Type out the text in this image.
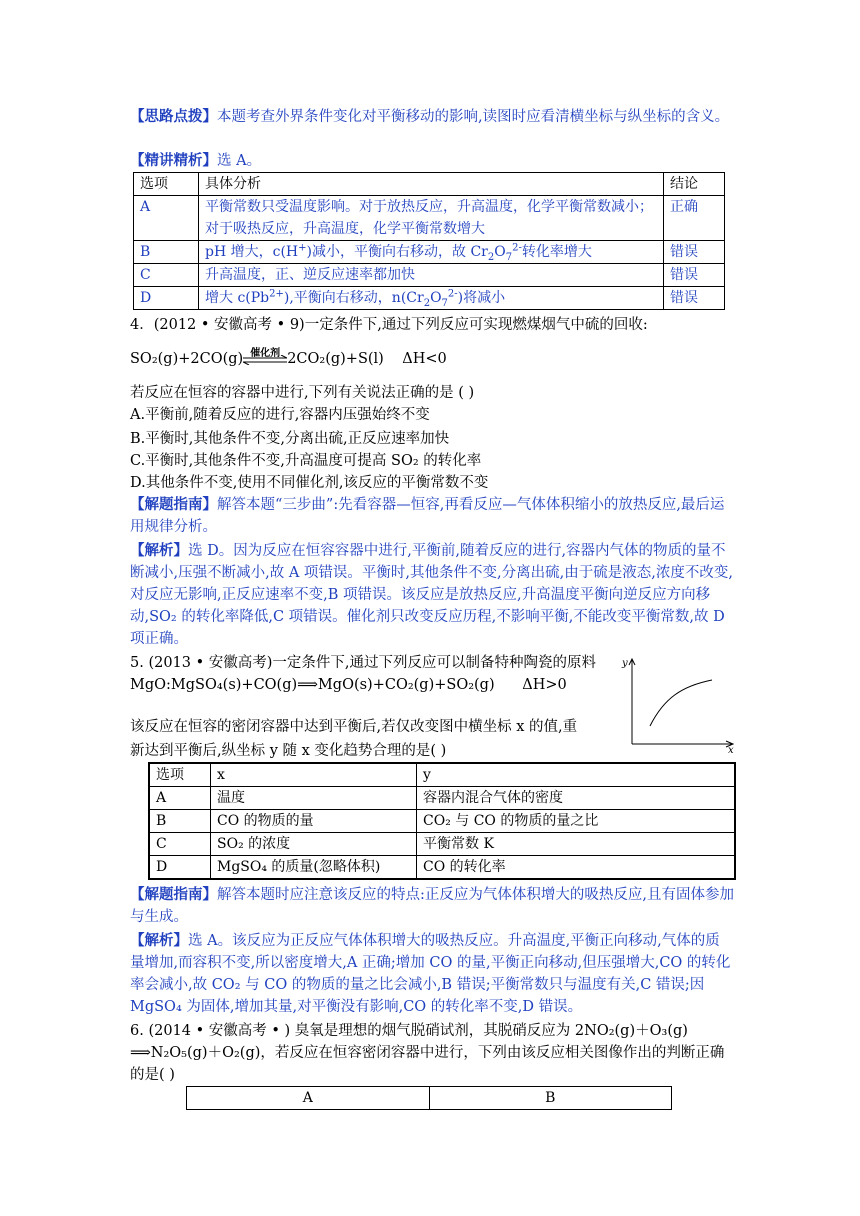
【思路点拨】本题考查外界条件变化对平衡移动的影响,读图时应看清横坐标与纵坐标的含义。
【精讲精析】选 A。
选项	具体分析	结论
A	平衡常数只受温度影响。对于放热反应，升高温度，化学平衡常数减小；对于吸热反应，升高温度，化学平衡常数增大	正确
B	pH 增大，c(H+)减小，平衡向右移动，故 $Cr_2O_7^{2-}$转化率增大	错误
C	升高温度，正、逆反应速率都加快	错误
D	增大 $c(Pb^{2+})$,平衡向右移动，$n(Cr_2O_7^{2-})$将减小	错误
4．(2012 • 安徽高考 • 9)一定条件下,通过下列反应可实现燃煤烟气中硫的回收:
SO₂(g)+2CO(g) 催化剂 2CO₂(g)+S(l) ΔH<0
若反应在恒容的容器中进行,下列有关说法正确的是 ( )
A.平衡前,随着反应的进行,容器内压强始终不变
B.平衡时,其他条件不变,分离出硫,正反应速率加快
C.平衡时,其他条件不变,升高温度可提高 SO₂ 的转化率
D.其他条件不变,使用不同催化剂,该反应的平衡常数不变
【解题指南】解答本题“三步曲”:先看容器—恒容,再看反应—气体体积缩小的放热反应,最后运用规律分析。
【解析】选 D。因为反应在恒容容器中进行,平衡前,随着反应的进行,容器内气体的物质的量不断减小,压强不断减小,故 A 项错误。平衡时,其他条件不变,分离出硫,由于硫是液态,浓度不改变,对反应无影响,正反应速率不变,B 项错误。该反应是放热反应,升高温度平衡向逆反应方向移动,SO₂ 的转化率降低,C 项错误。催化剂只改变反应历程,不影响平衡,不能改变平衡常数,故 D 项正确。
5. (2013 • 安徽高考)一定条件下,通过下列反应可以制备特种陶瓷的原料
MgO:MgSO₄(s)+CO(g)⟹MgO(s)+CO₂(g)+SO₂(g) ΔH>0
该反应在恒容的密闭容器中达到平衡后,若仅改变图中横坐标 x 的值,重
新达到平衡后,纵坐标 y 随 x 变化趋势合理的是( )
y
x
选项	x	y
A	温度	容器内混合气体的密度
B	CO 的物质的量	CO₂ 与 CO 的物质的量之比
C	SO₂ 的浓度	平衡常数 K
D	MgSO₄ 的质量(忽略体积)	CO 的转化率
【解题指南】解答本题时应注意该反应的特点:正反应为气体体积增大的吸热反应,且有固体参加与生成。
【解析】选 A。该反应为正反应气体体积增大的吸热反应。升高温度,平衡正向移动,气体的质量增加,而容积不变,所以密度增大,A 正确;增加 CO 的量,平衡正向移动,但压强增大,CO 的转化率会减小,故 CO₂ 与 CO 的物质的量之比会减小,B 错误;平衡常数只与温度有关,C 错误;因 MgSO₄ 为固体,增加其量,对平衡没有影响,CO 的转化率不变,D 错误。
6. (2014 • 安徽高考 • ) 臭氧是理想的烟气脱硝试剂，其脱硝反应为 2NO₂(g)＋O₃(g)
⟹N₂O₅(g)＋O₂(g)，若反应在恒容密闭容器中进行，下列由该反应相关图像作出的判断正确的是( )
A	B
